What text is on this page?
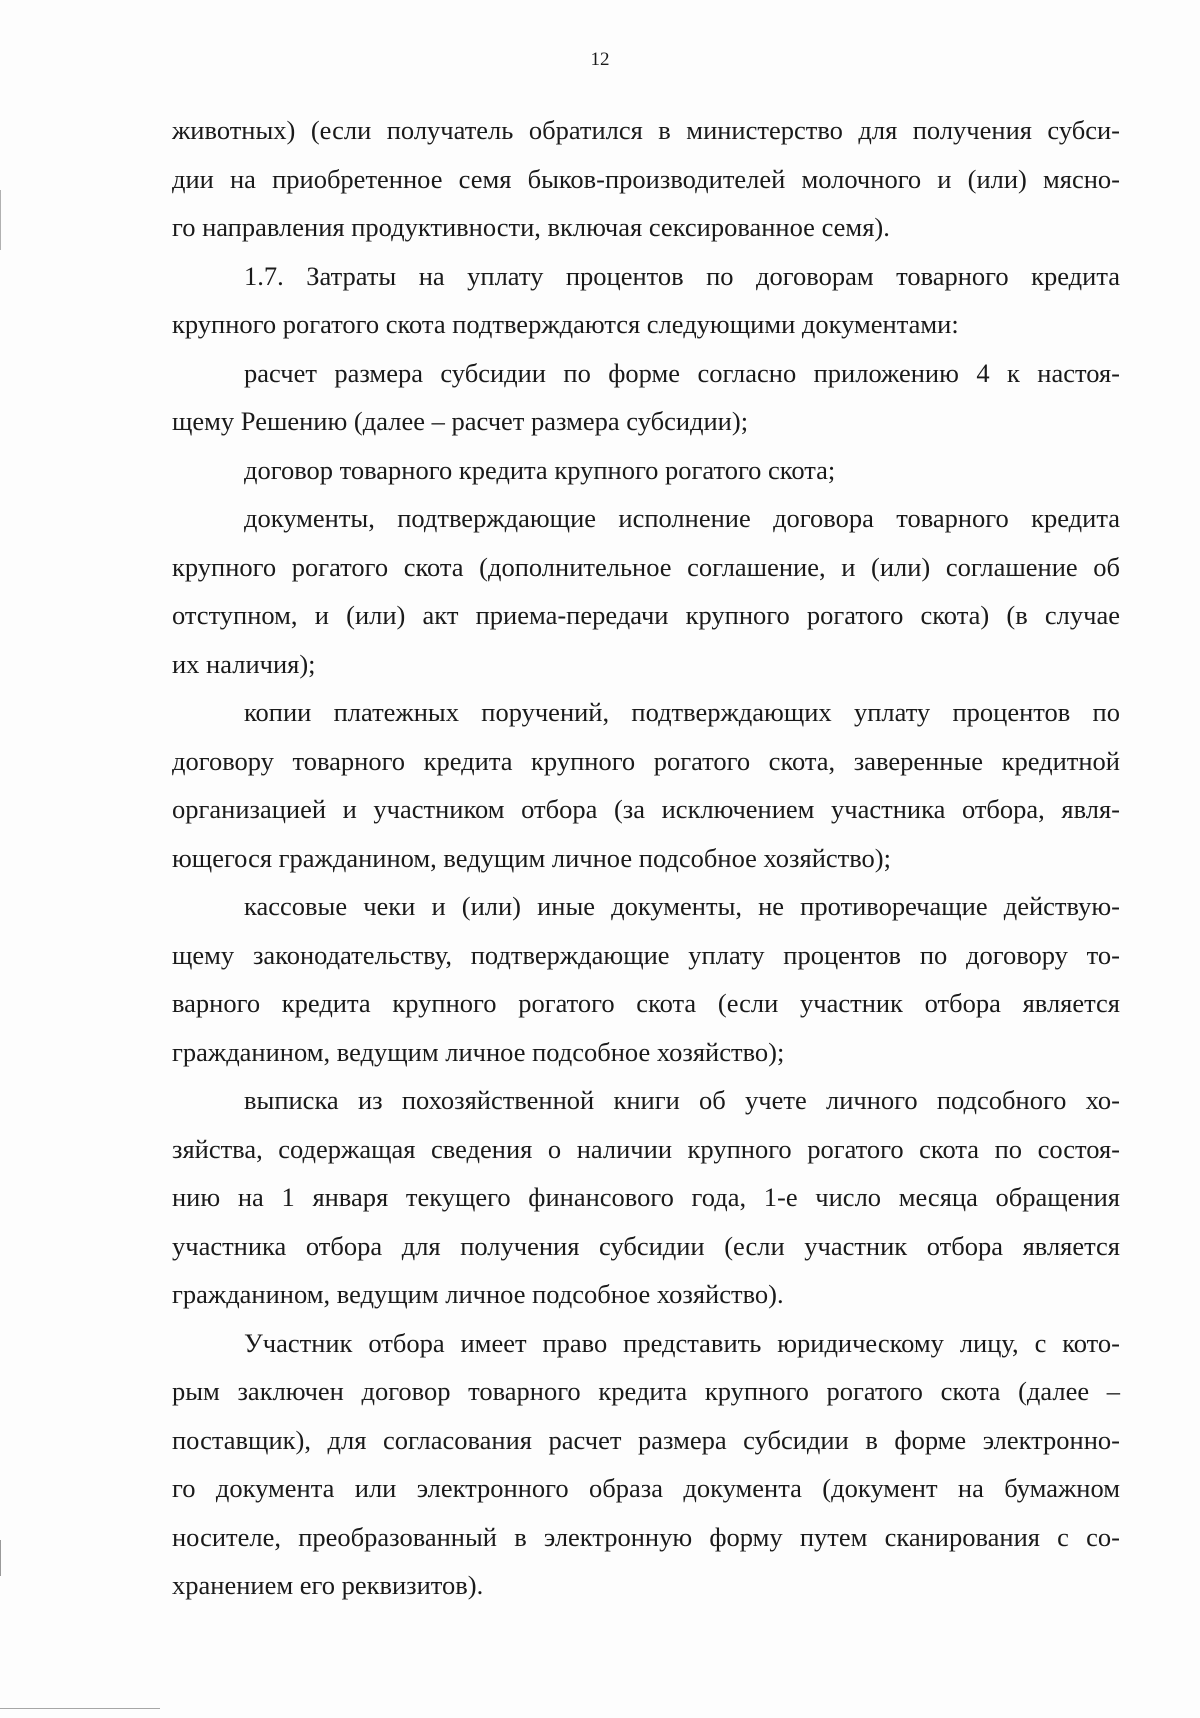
12

животных) (если получатель обратился в министерство для получения субси-
дии на приобретенное семя быков-производителей молочного и (или) мясно-
го направления продуктивности, включая сексированное семя).

1.7. Затраты на уплату процентов по договорам товарного кредита
крупного рогатого скота подтверждаются следующими документами:

расчет размера субсидии по форме согласно приложению 4 к настоя-
щему Решению (далее – расчет размера субсидии);

договор товарного кредита крупного рогатого скота;

документы, подтверждающие исполнение договора товарного кредита
крупного рогатого скота (дополнительное соглашение, и (или) соглашение об
отступном, и (или) акт приема-передачи крупного рогатого скота) (в случае
их наличия);

копии платежных поручений, подтверждающих уплату процентов по
договору товарного кредита крупного рогатого скота, заверенные кредитной
организацией и участником отбора (за исключением участника отбора, явля-
ющегося гражданином, ведущим личное подсобное хозяйство);

кассовые чеки и (или) иные документы, не противоречащие действую-
щему законодательству, подтверждающие уплату процентов по договору то-
варного кредита крупного рогатого скота (если участник отбора является
гражданином, ведущим личное подсобное хозяйство);

выписка из похозяйственной книги об учете личного подсобного хо-
зяйства, содержащая сведения о наличии крупного рогатого скота по состоя-
нию на 1 января текущего финансового года, 1-е число месяца обращения
участника отбора для получения субсидии (если участник отбора является
гражданином, ведущим личное подсобное хозяйство).

Участник отбора имеет право представить юридическому лицу, с кото-
рым заключен договор товарного кредита крупного рогатого скота (далее –
поставщик), для согласования расчет размера субсидии в форме электронно-
го документа или электронного образа документа (документ на бумажном
носителе, преобразованный в электронную форму путем сканирования с со-
хранением его реквизитов).
